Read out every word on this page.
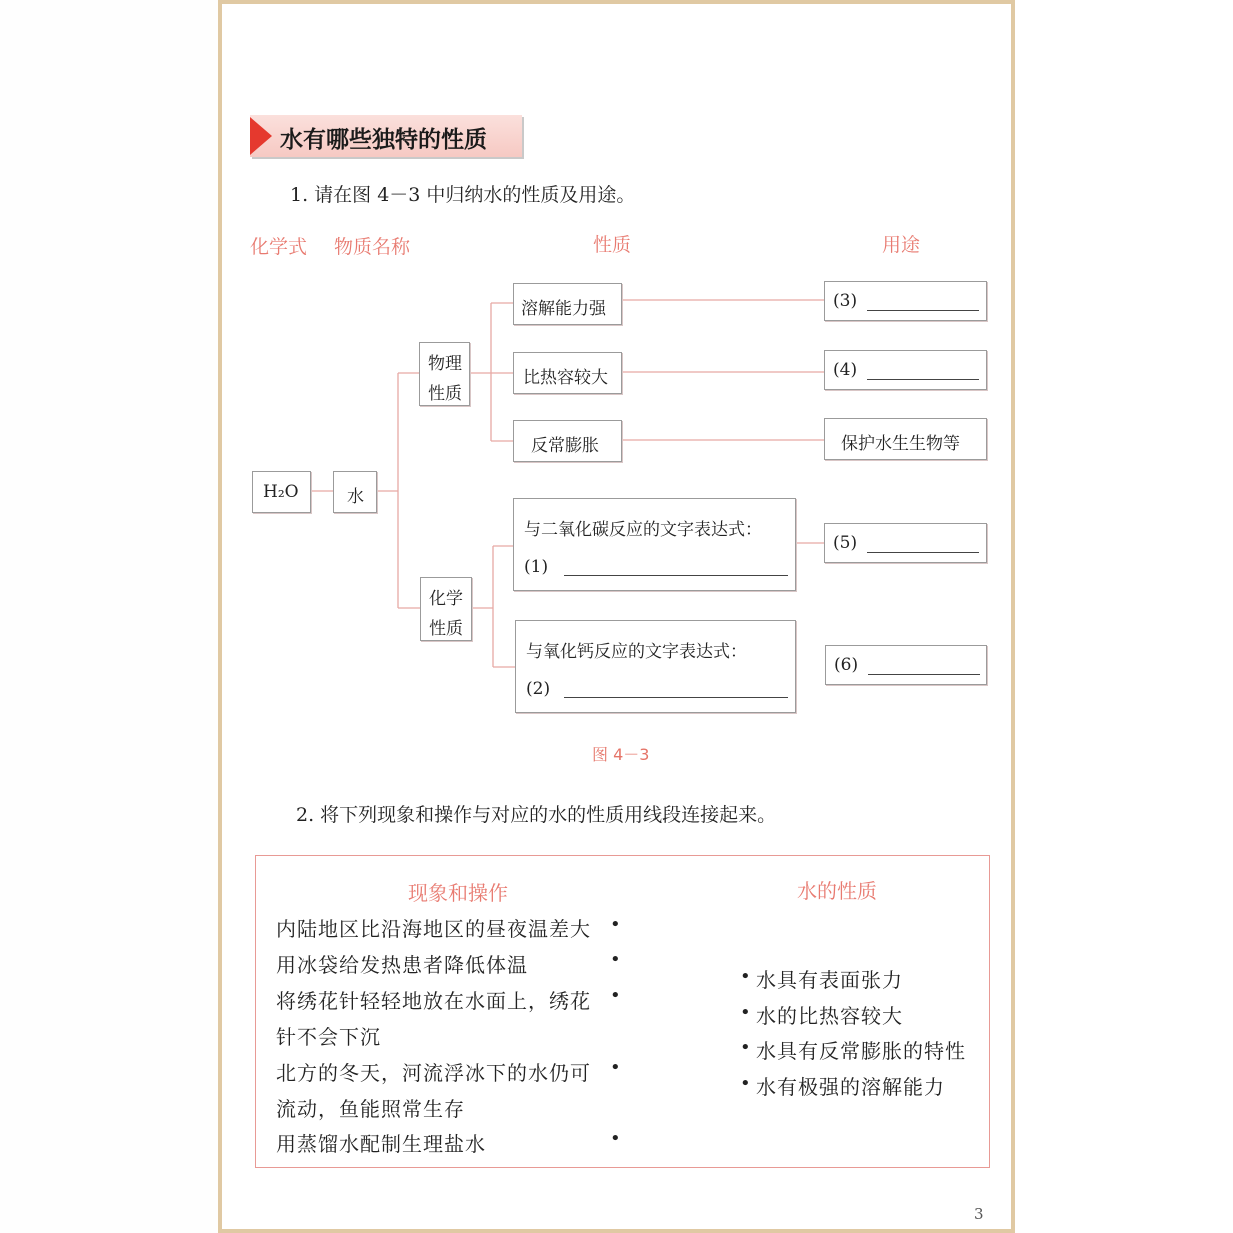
水有哪些独特的性质
1. 请在图 4－3 中归纳水的性质及用途。
化学式 物质名称	性质	用途
H₂O	水
物理
性质
化学
性质
溶解能力强
比热容较大
反常膨胀
(3)
(4)
保护水生生物等
与二氧化碳反应的文字表达式：
(1)
与氧化钙反应的文字表达式：
(2)
(5)
(6)
图 4－3
2. 将下列现象和操作与对应的水的性质用线段连接起来。
现象和操作	水的性质
内陆地区比沿海地区的昼夜温差大
用冰袋给发热患者降低体温
将绣花针轻轻地放在水面上，绣花
针不会下沉
北方的冬天，河流浮冰下的水仍可
流动，鱼能照常生存
用蒸馏水配制生理盐水
•
•
•
•
•
•
•
•
•
水具有表面张力
水的比热容较大
水具有反常膨胀的特性
水有极强的溶解能力
3
